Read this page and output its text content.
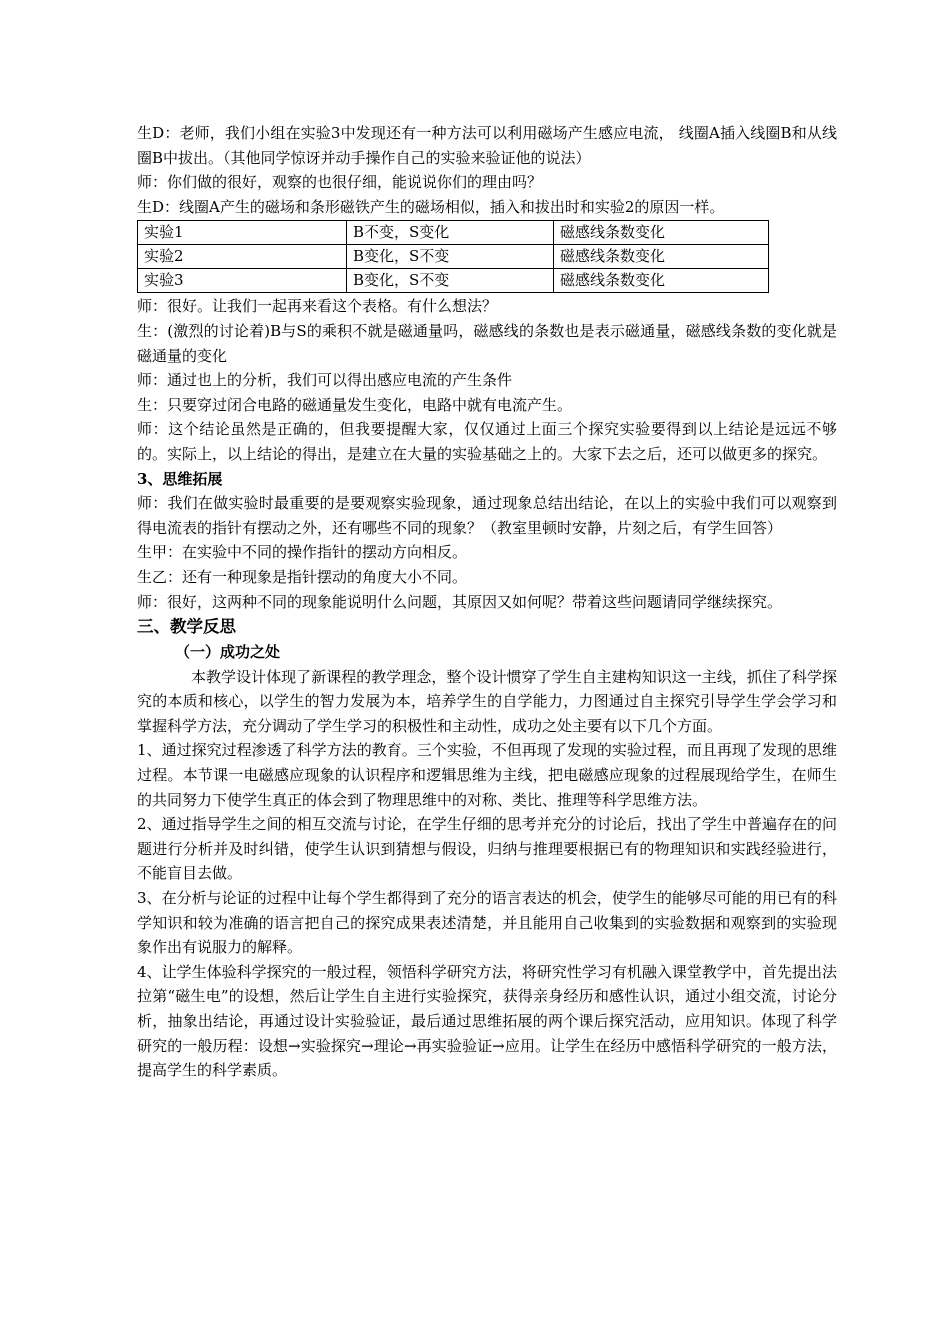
生D：老师，我们小组在实验3中发现还有一种方法可以利用磁场产生感应电流， 线圈A插入线圈B和从线圈B中拔出。（其他同学惊讶并动手操作自己的实验来验证他的说法）

师：你们做的很好，观察的也很仔细，能说说你们的理由吗？

生D：线圈A产生的磁场和条形磁铁产生的磁场相似，插入和拔出时和实验2的原因一样。

实验1	B不变，S变化	磁感线条数变化
实验2	B变化，S不变	磁感线条数变化
实验3	B变化，S不变	磁感线条数变化

师：很好。让我们一起再来看这个表格。有什么想法？

生：(激烈的讨论着)B与S的乘积不就是磁通量吗，磁感线的条数也是表示磁通量，磁感线条数的变化就是磁通量的变化

师：通过也上的分析，我们可以得出感应电流的产生条件

生：只要穿过闭合电路的磁通量发生变化，电路中就有电流产生。

师：这个结论虽然是正确的，但我要提醒大家，仅仅通过上面三个探究实验要得到以上结论是远远不够的。实际上，以上结论的得出，是建立在大量的实验基础之上的。大家下去之后，还可以做更多的探究。

3、思维拓展

师：我们在做实验时最重要的是要观察实验现象，通过现象总结出结论，在以上的实验中我们可以观察到得电流表的指针有摆动之外，还有哪些不同的现象？（教室里顿时安静，片刻之后，有学生回答）

生甲：在实验中不同的操作指针的摆动方向相反。

生乙：还有一种现象是指针摆动的角度大小不同。

师：很好，这两种不同的现象能说明什么问题，其原因又如何呢？带着这些问题请同学继续探究。

三、教学反思

（一）成功之处

本教学设计体现了新课程的教学理念，整个设计惯穿了学生自主建构知识这一主线，抓住了科学探究的本质和核心，以学生的智力发展为本，培养学生的自学能力，力图通过自主探究引导学生学会学习和掌握科学方法，充分调动了学生学习的积极性和主动性，成功之处主要有以下几个方面。

1、通过探究过程渗透了科学方法的教育。三个实验，不但再现了发现的实验过程，而且再现了发现的思维过程。本节课一电磁感应现象的认识程序和逻辑思维为主线，把电磁感应现象的过程展现给学生，在师生的共同努力下使学生真正的体会到了物理思维中的对称、类比、推理等科学思维方法。

2、通过指导学生之间的相互交流与讨论，在学生仔细的思考并充分的讨论后，找出了学生中普遍存在的问题进行分析并及时纠错，使学生认识到猜想与假设，归纳与推理要根据已有的物理知识和实践经验进行，不能盲目去做。

3、在分析与论证的过程中让每个学生都得到了充分的语言表达的机会，使学生的能够尽可能的用已有的科学知识和较为准确的语言把自己的探究成果表述清楚，并且能用自己收集到的实验数据和观察到的实验现象作出有说服力的解释。

4、让学生体验科学探究的一般过程，领悟科学研究方法，将研究性学习有机融入课堂教学中，首先提出法拉第“磁生电”的设想，然后让学生自主进行实验探究，获得亲身经历和感性认识，通过小组交流，讨论分析，抽象出结论，再通过设计实验验证，最后通过思维拓展的两个课后探究活动，应用知识。体现了科学研究的一般历程：设想→实验探究→理论→再实验验证→应用。让学生在经历中感悟科学研究的一般方法，提高学生的科学素质。
